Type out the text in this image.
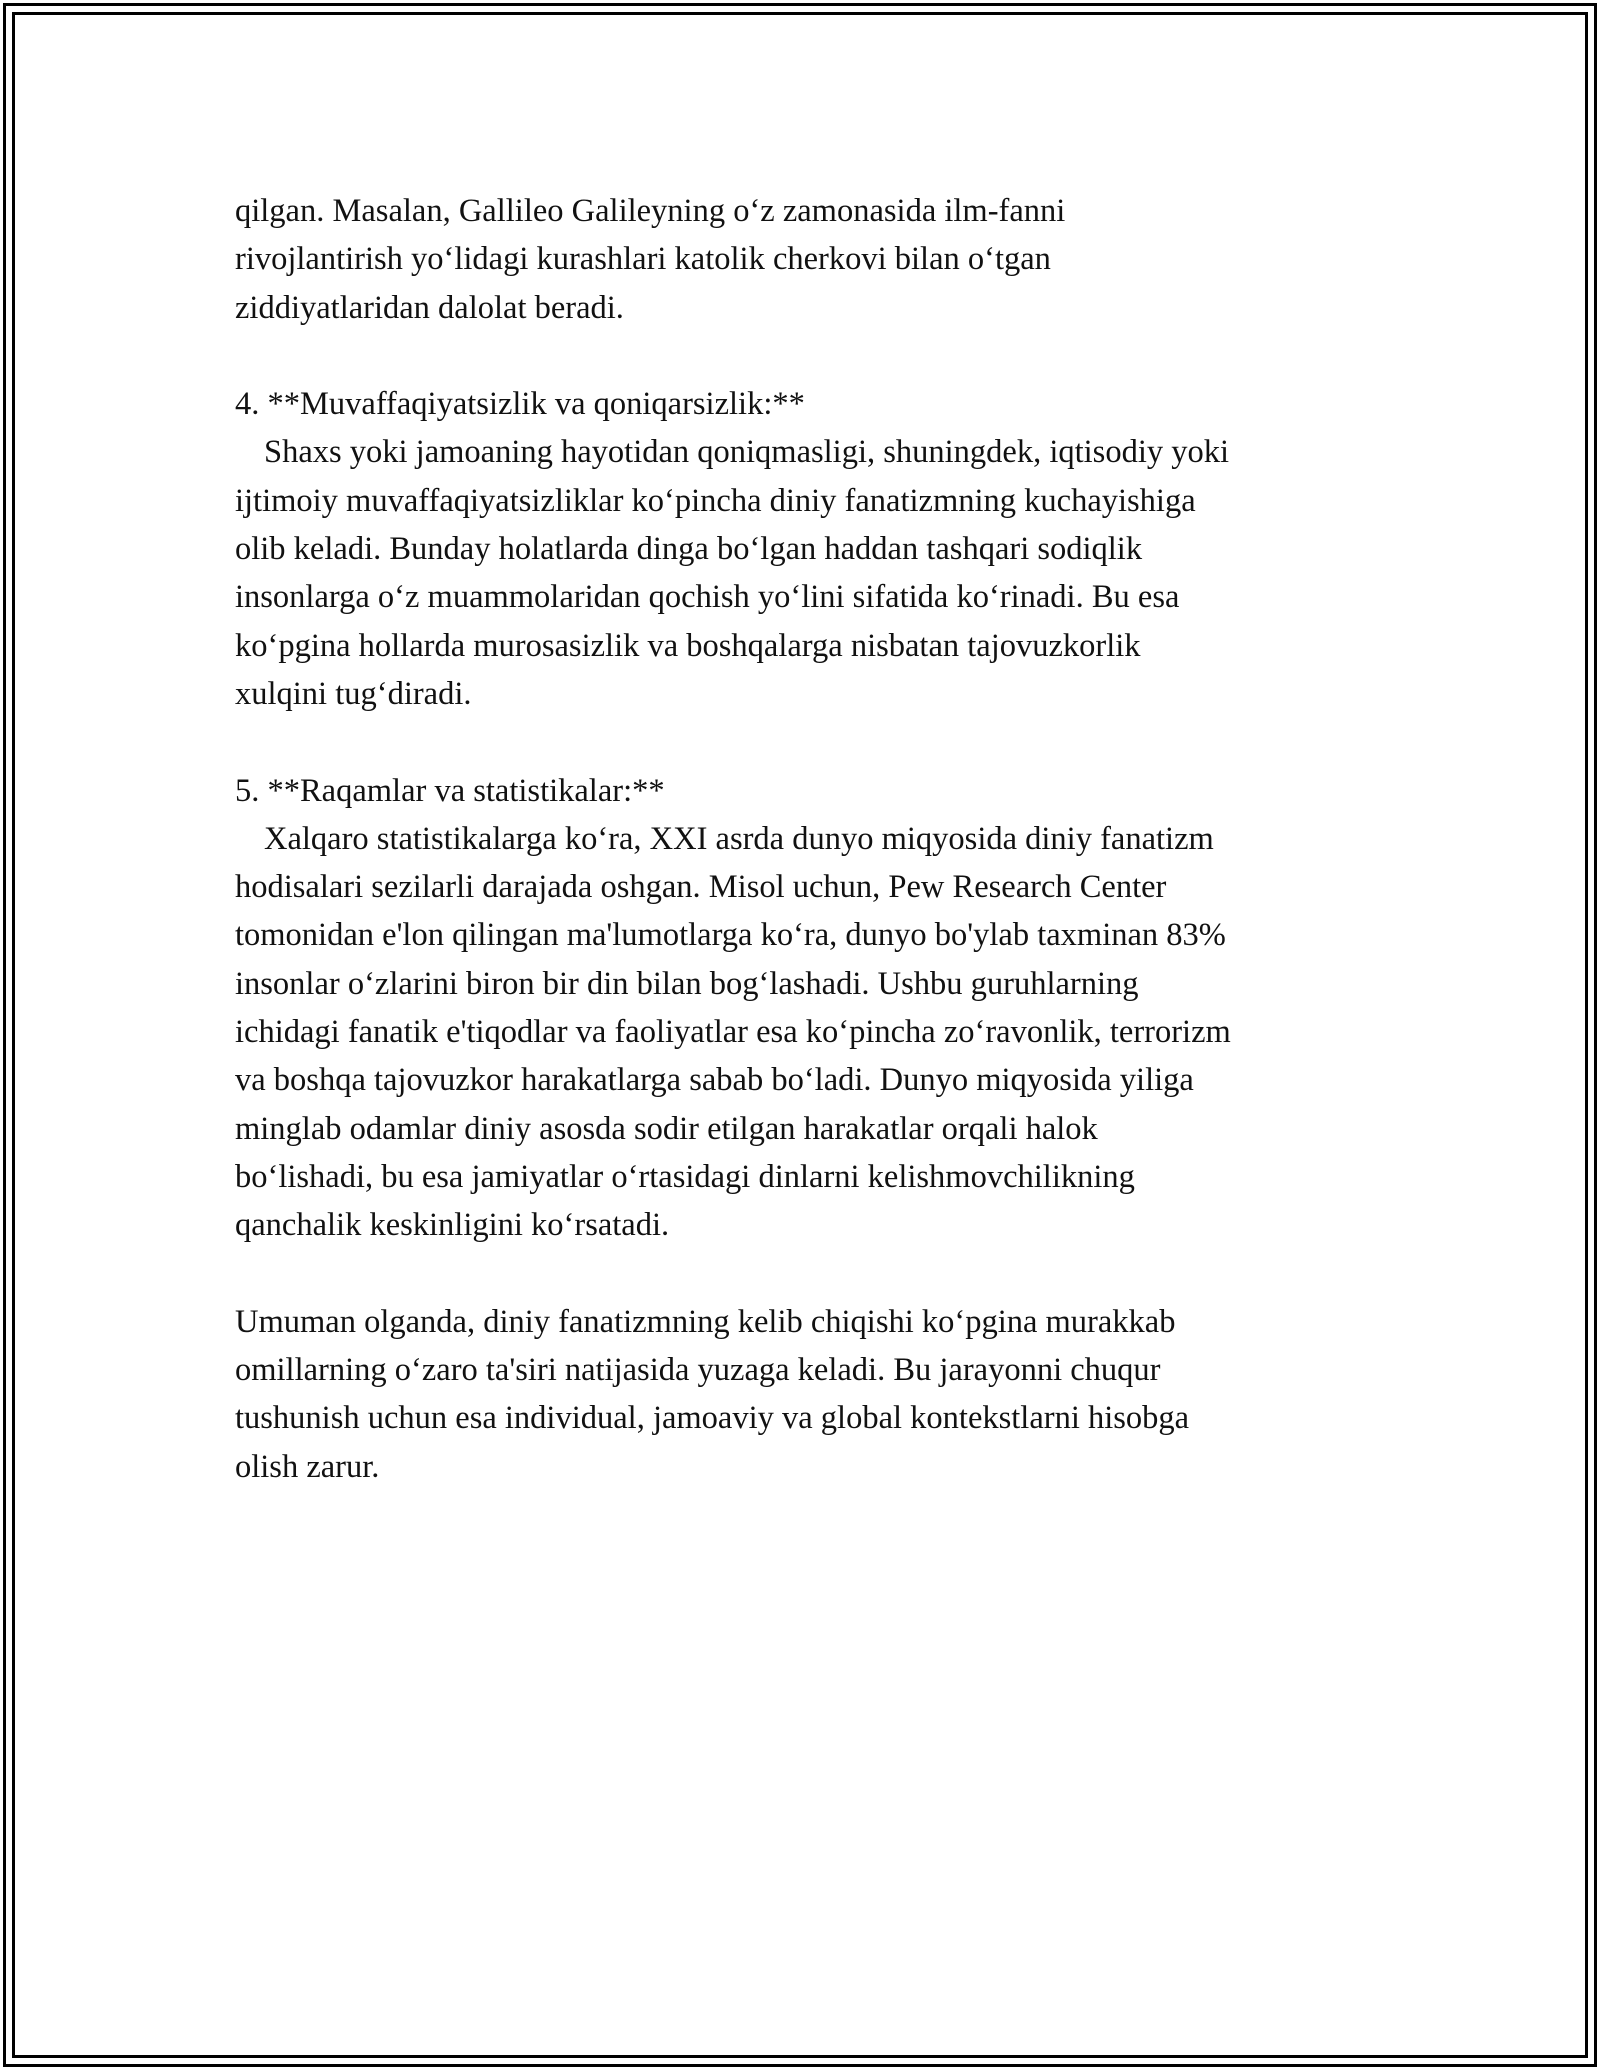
qilgan. Masalan, Gallileo Galileyning o‘z zamonasida ilm-fanni
rivojlantirish yo‘lidagi kurashlari katolik cherkovi bilan o‘tgan
ziddiyatlaridan dalolat beradi.
4. **Muvaffaqiyatsizlik va qoniqarsizlik:**
Shaxs yoki jamoaning hayotidan qoniqmasligi, shuningdek, iqtisodiy yoki
ijtimoiy muvaffaqiyatsizliklar ko‘pincha diniy fanatizmning kuchayishiga
olib keladi. Bunday holatlarda dinga bo‘lgan haddan tashqari sodiqlik
insonlarga o‘z muammolaridan qochish yo‘lini sifatida ko‘rinadi. Bu esa
ko‘pgina hollarda murosasizlik va boshqalarga nisbatan tajovuzkorlik
xulqini tug‘diradi.
5. **Raqamlar va statistikalar:**
Xalqaro statistikalarga ko‘ra, XXI asrda dunyo miqyosida diniy fanatizm
hodisalari sezilarli darajada oshgan. Misol uchun, Pew Research Center
tomonidan e'lon qilingan ma'lumotlarga ko‘ra, dunyo bo'ylab taxminan 83%
insonlar o‘zlarini biron bir din bilan bog‘lashadi. Ushbu guruhlarning
ichidagi fanatik e'tiqodlar va faoliyatlar esa ko‘pincha zo‘ravonlik, terrorizm
va boshqa tajovuzkor harakatlarga sabab bo‘ladi. Dunyo miqyosida yiliga
minglab odamlar diniy asosda sodir etilgan harakatlar orqali halok
bo‘lishadi, bu esa jamiyatlar o‘rtasidagi dinlarni kelishmovchilikning
qanchalik keskinligini ko‘rsatadi.
Umuman olganda, diniy fanatizmning kelib chiqishi ko‘pgina murakkab
omillarning o‘zaro ta'siri natijasida yuzaga keladi. Bu jarayonni chuqur
tushunish uchun esa individual, jamoaviy va global kontekstlarni hisobga
olish zarur.
